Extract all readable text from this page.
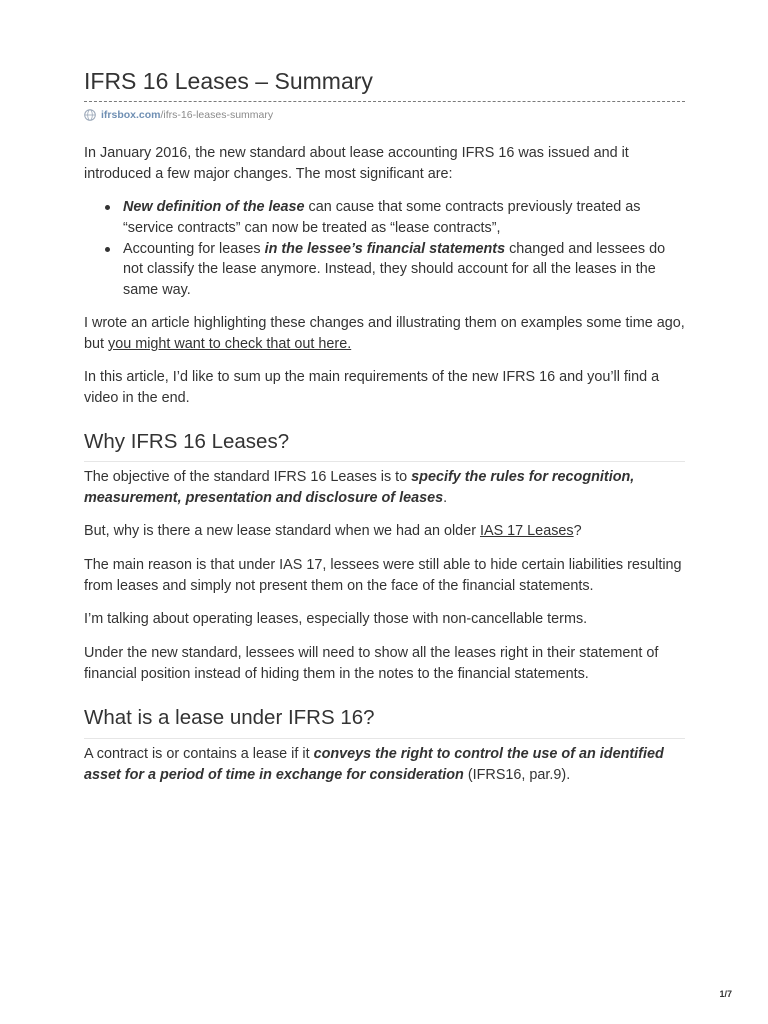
IFRS 16 Leases – Summary
ifrsbox.com /ifrs-16-leases-summary

In January 2016, the new standard about lease accounting IFRS 16 was issued and it introduced a few major changes. The most significant are:

New definition of the lease can cause that some contracts previously treated as “service contracts” can now be treated as “lease contracts”,
Accounting for leases in the lessee’s financial statements changed and lessees do not classify the lease anymore. Instead, they should account for all the leases in the same way.

I wrote an article highlighting these changes and illustrating them on examples some time ago, but you might want to check that out here.

In this article, I’d like to sum up the main requirements of the new IFRS 16 and you’ll find a video in the end.

Why IFRS 16 Leases?

The objective of the standard IFRS 16 Leases is to specify the rules for recognition, measurement, presentation and disclosure of leases.

But, why is there a new lease standard when we had an older IAS 17 Leases?

The main reason is that under IAS 17, lessees were still able to hide certain liabilities resulting from leases and simply not present them on the face of the financial statements.

I’m talking about operating leases, especially those with non-cancellable terms.

Under the new standard, lessees will need to show all the leases right in their statement of financial position instead of hiding them in the notes to the financial statements.

What is a lease under IFRS 16?

A contract is or contains a lease if it conveys the right to control the use of an identified asset for a period of time in exchange for consideration (IFRS16, par.9).

1/7
